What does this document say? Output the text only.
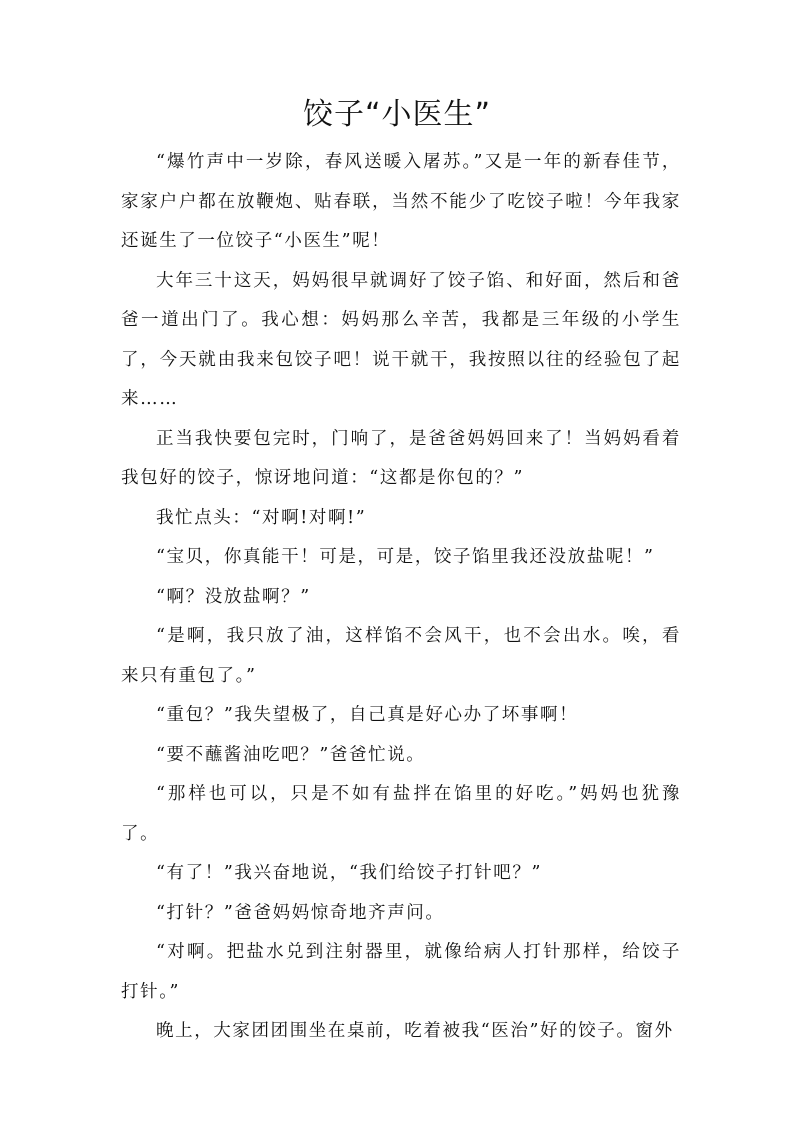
饺子“小医生”

“爆竹声中一岁除，春风送暖入屠苏。”又是一年的新春佳节，家家户户都在放鞭炮、贴春联，当然不能少了吃饺子啦！今年我家还诞生了一位饺子“小医生”呢！

大年三十这天，妈妈很早就调好了饺子馅、和好面，然后和爸爸一道出门了。我心想：妈妈那么辛苦，我都是三年级的小学生了，今天就由我来包饺子吧！说干就干，我按照以往的经验包了起来……

正当我快要包完时，门响了，是爸爸妈妈回来了！当妈妈看着我包好的饺子，惊讶地问道：“这都是你包的？”

我忙点头：“对啊!对啊!”

“宝贝，你真能干！可是，可是，饺子馅里我还没放盐呢！”

“啊？没放盐啊？”

“是啊，我只放了油，这样馅不会风干，也不会出水。唉，看来只有重包了。”

“重包？”我失望极了，自己真是好心办了坏事啊！

“要不蘸酱油吃吧？”爸爸忙说。

“那样也可以，只是不如有盐拌在馅里的好吃。”妈妈也犹豫了。

“有了！”我兴奋地说，“我们给饺子打针吧？”

“打针？”爸爸妈妈惊奇地齐声问。

“对啊。把盐水兑到注射器里，就像给病人打针那样，给饺子打针。”

晚上，大家团团围坐在桌前，吃着被我“医治”好的饺子。窗外
